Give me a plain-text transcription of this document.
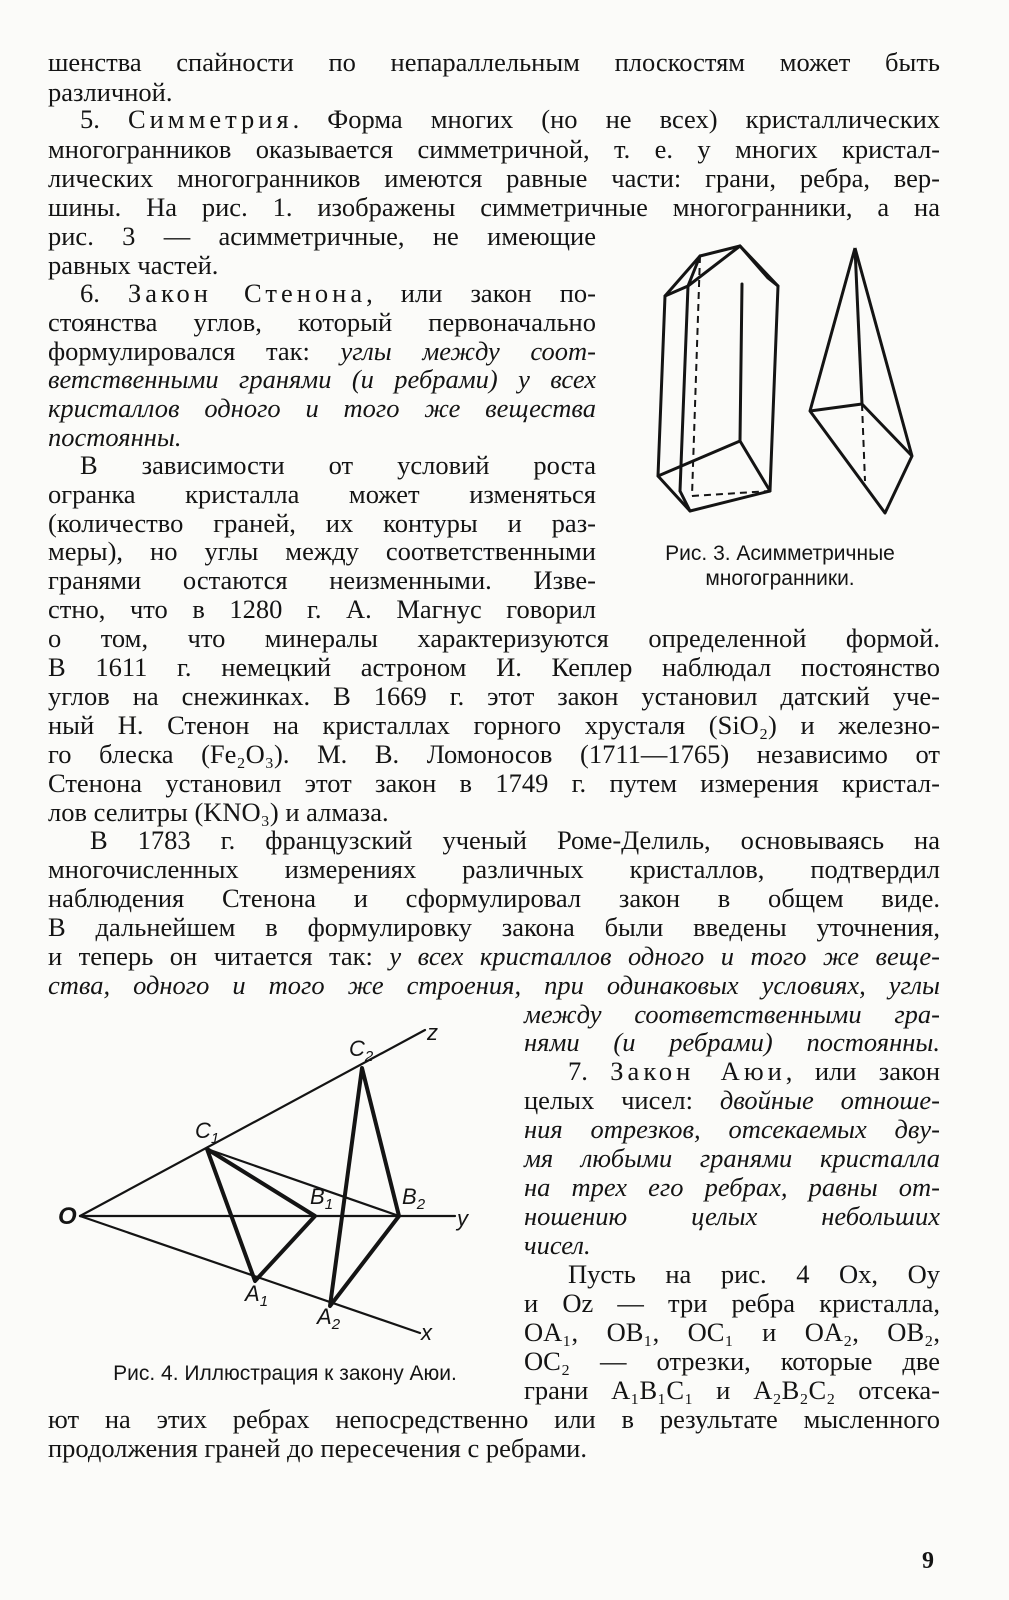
шенства спайности по непараллельным плоскостям может быть
различной.
5. Симметрия. Форма многих (но не всех) кристаллических
многогранников оказывается симметричной, т. е. у многих кристал-
лических многогранников имеются равные части: грани, ребра, вер-
шины. На рис. 1. изображены симметричные многогранники, а на
рис. 3 — асимметричные, не имеющие
равных частей.
6. Закон Стенона, или закон по-
стоянства углов, который первоначально
формулировался так: углы между соот-
ветственными гранями (и ребрами) у всех
кристаллов одного и того же вещества
постоянны.
В зависимости от условий роста
огранка кристалла может изменяться
(количество граней, их контуры и раз-
меры), но углы между соответственными
гранями остаются неизменными. Изве-
стно, что в 1280 г. А. Магнус говорил
о том, что минералы характеризуются определенной формой.
В 1611 г. немецкий астроном И. Кеплер наблюдал постоянство
углов на снежинках. В 1669 г. этот закон установил датский уче-
ный Н. Стенон на кристаллах горного хрусталя (SiO₂) и железно-
го блеска (Fe₂O₃). М. В. Ломоносов (1711—1765) независимо от
Стенона установил этот закон в 1749 г. путем измерения кристал-
лов селитры (KNO₃) и алмаза.
В 1783 г. французский ученый Роме-Делиль, основываясь на
многочисленных измерениях различных кристаллов, подтвердил
наблюдения Стенона и сформулировал закон в общем виде.
В дальнейшем в формулировку закона были введены уточнения,
и теперь он читается так: у всех кристаллов одного и того же веще-
ства, одного и того же строения, при одинаковых условиях, углы
между соответственными гра-
нями (и ребрами) постоянны.
7. Закон Аюи, или закон
целых чисел: двойные отноше-
ния отрезков, отсекаемых дву-
мя любыми гранями кристалла
на трех его ребрах, равны от-
ношению целых небольших
чисел.
Пусть на рис. 4 Ox, Oy
и Oz — три ребра кристалла,
OA₁, OB₁, OC₁ и OA₂, OB₂,
OC₂ — отрезки, которые две
грани A₁B₁C₁ и A₂B₂C₂ отсека-
ют на этих ребрах непосредственно или в результате мысленного
продолжения граней до пересечения с ребрами.
Рис. 3. Асимметричные
многогранники.
O
z
y
x
$C_2$
$C_1$
$B_1$	$B_2$
$A_1$
$A_2$
Рис. 4. Иллюстрация к закону Аюи.
9
